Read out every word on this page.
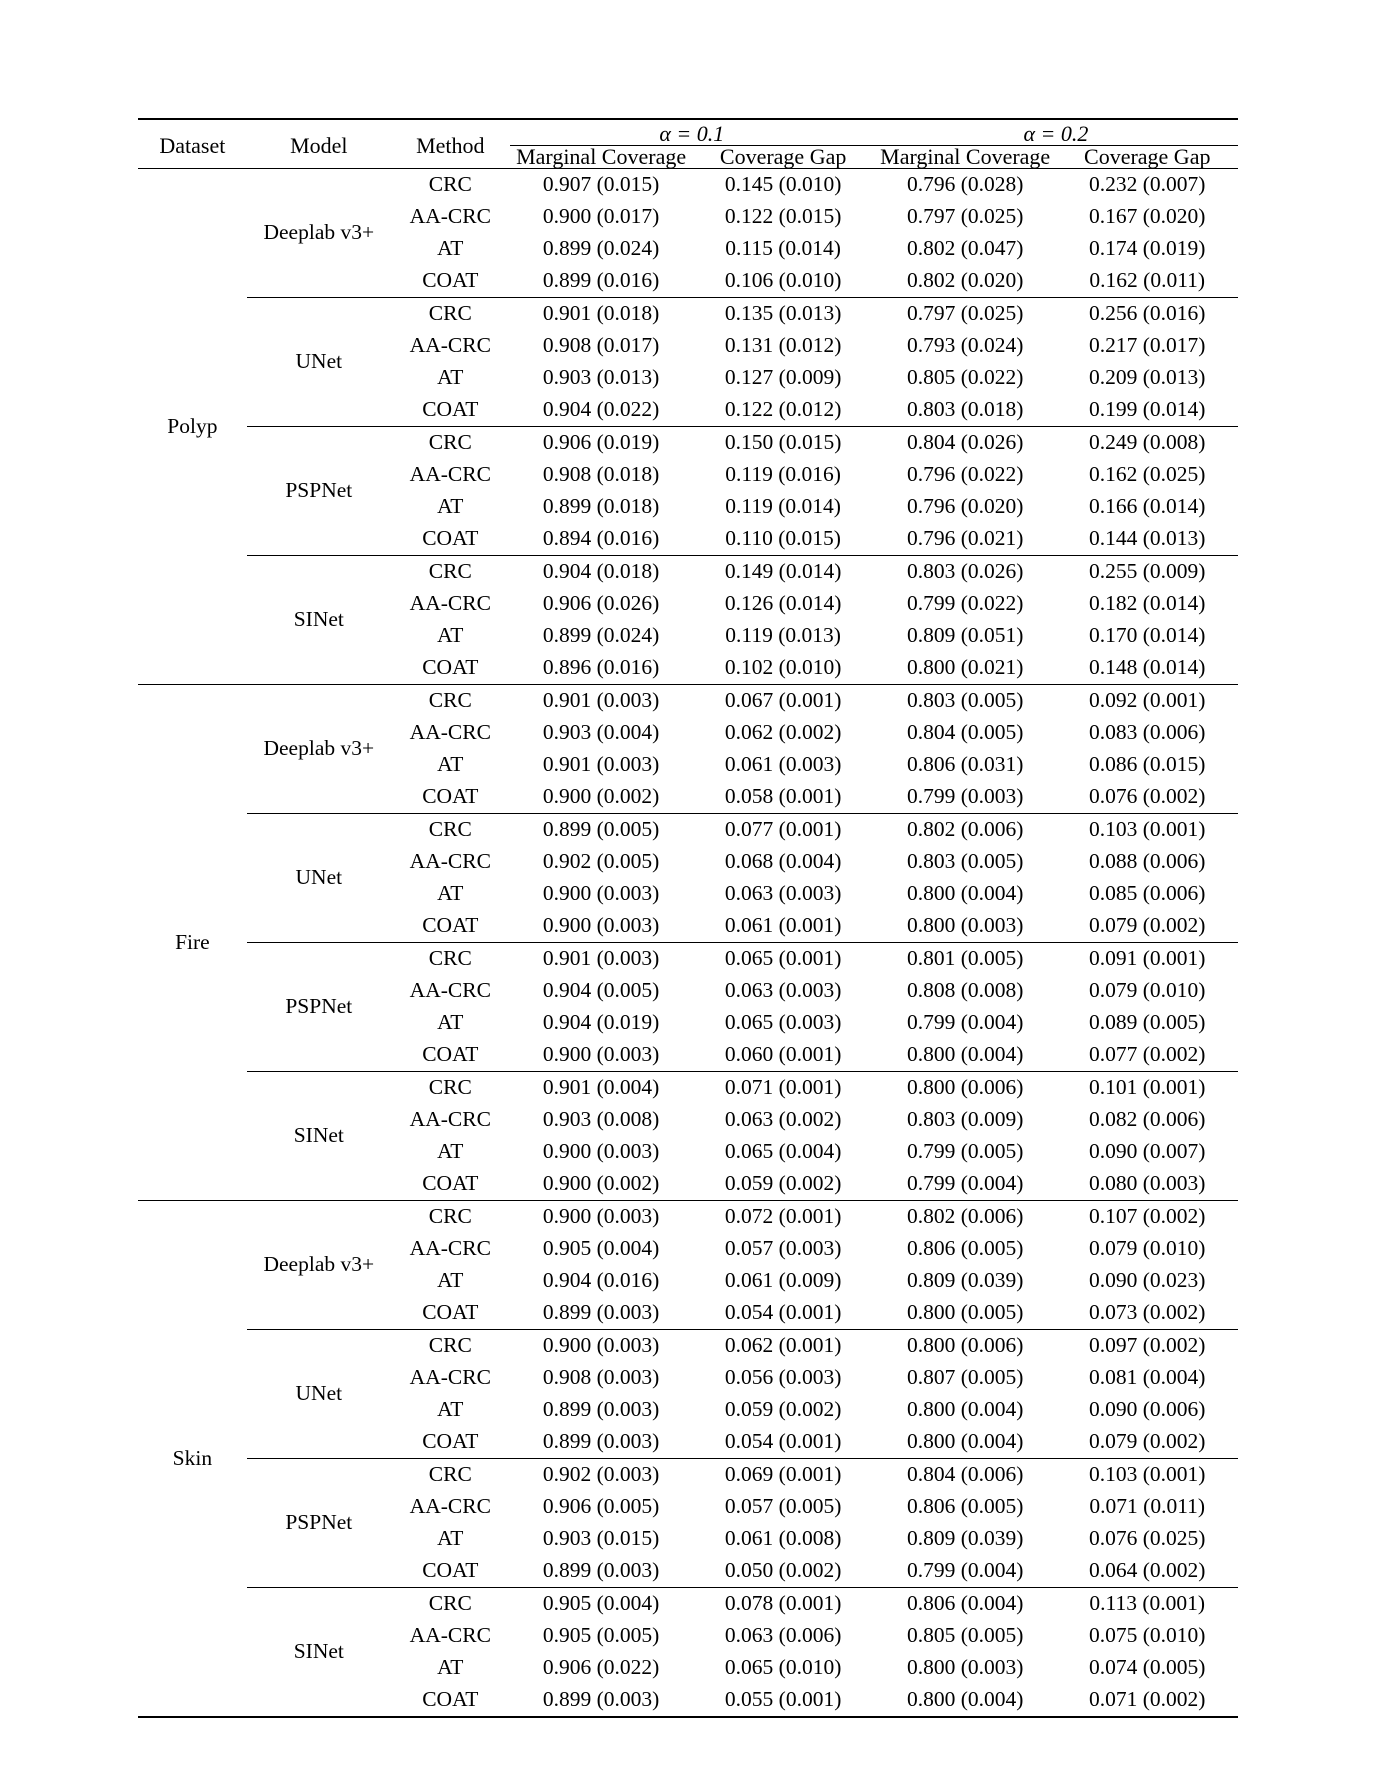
Dataset	Model	Method	α = 0.1		α = 0.2	
			Marginal Coverage	Coverage Gap	Marginal Coverage	Coverage Gap
Polyp	Deeplab v3+	CRC	0.907 (0.015)	0.145 (0.010)	0.796 (0.028)	0.232 (0.007)
		AA-CRC	0.900 (0.017)	0.122 (0.015)	0.797 (0.025)	0.167 (0.020)
		AT	0.899 (0.024)	0.115 (0.014)	0.802 (0.047)	0.174 (0.019)
		COAT	0.899 (0.016)	0.106 (0.010)	0.802 (0.020)	0.162 (0.011)
	UNet	CRC	0.901 (0.018)	0.135 (0.013)	0.797 (0.025)	0.256 (0.016)
		AA-CRC	0.908 (0.017)	0.131 (0.012)	0.793 (0.024)	0.217 (0.017)
		AT	0.903 (0.013)	0.127 (0.009)	0.805 (0.022)	0.209 (0.013)
		COAT	0.904 (0.022)	0.122 (0.012)	0.803 (0.018)	0.199 (0.014)
	PSPNet	CRC	0.906 (0.019)	0.150 (0.015)	0.804 (0.026)	0.249 (0.008)
		AA-CRC	0.908 (0.018)	0.119 (0.016)	0.796 (0.022)	0.162 (0.025)
		AT	0.899 (0.018)	0.119 (0.014)	0.796 (0.020)	0.166 (0.014)
		COAT	0.894 (0.016)	0.110 (0.015)	0.796 (0.021)	0.144 (0.013)
	SINet	CRC	0.904 (0.018)	0.149 (0.014)	0.803 (0.026)	0.255 (0.009)
		AA-CRC	0.906 (0.026)	0.126 (0.014)	0.799 (0.022)	0.182 (0.014)
		AT	0.899 (0.024)	0.119 (0.013)	0.809 (0.051)	0.170 (0.014)
		COAT	0.896 (0.016)	0.102 (0.010)	0.800 (0.021)	0.148 (0.014)
Fire	Deeplab v3+	CRC	0.901 (0.003)	0.067 (0.001)	0.803 (0.005)	0.092 (0.001)
		AA-CRC	0.903 (0.004)	0.062 (0.002)	0.804 (0.005)	0.083 (0.006)
		AT	0.901 (0.003)	0.061 (0.003)	0.806 (0.031)	0.086 (0.015)
		COAT	0.900 (0.002)	0.058 (0.001)	0.799 (0.003)	0.076 (0.002)
	UNet	CRC	0.899 (0.005)	0.077 (0.001)	0.802 (0.006)	0.103 (0.001)
		AA-CRC	0.902 (0.005)	0.068 (0.004)	0.803 (0.005)	0.088 (0.006)
		AT	0.900 (0.003)	0.063 (0.003)	0.800 (0.004)	0.085 (0.006)
		COAT	0.900 (0.003)	0.061 (0.001)	0.800 (0.003)	0.079 (0.002)
	PSPNet	CRC	0.901 (0.003)	0.065 (0.001)	0.801 (0.005)	0.091 (0.001)
		AA-CRC	0.904 (0.005)	0.063 (0.003)	0.808 (0.008)	0.079 (0.010)
		AT	0.904 (0.019)	0.065 (0.003)	0.799 (0.004)	0.089 (0.005)
		COAT	0.900 (0.003)	0.060 (0.001)	0.800 (0.004)	0.077 (0.002)
	SINet	CRC	0.901 (0.004)	0.071 (0.001)	0.800 (0.006)	0.101 (0.001)
		AA-CRC	0.903 (0.008)	0.063 (0.002)	0.803 (0.009)	0.082 (0.006)
		AT	0.900 (0.003)	0.065 (0.004)	0.799 (0.005)	0.090 (0.007)
		COAT	0.900 (0.002)	0.059 (0.002)	0.799 (0.004)	0.080 (0.003)
Skin	Deeplab v3+	CRC	0.900 (0.003)	0.072 (0.001)	0.802 (0.006)	0.107 (0.002)
		AA-CRC	0.905 (0.004)	0.057 (0.003)	0.806 (0.005)	0.079 (0.010)
		AT	0.904 (0.016)	0.061 (0.009)	0.809 (0.039)	0.090 (0.023)
		COAT	0.899 (0.003)	0.054 (0.001)	0.800 (0.005)	0.073 (0.002)
	UNet	CRC	0.900 (0.003)	0.062 (0.001)	0.800 (0.006)	0.097 (0.002)
		AA-CRC	0.908 (0.003)	0.056 (0.003)	0.807 (0.005)	0.081 (0.004)
		AT	0.899 (0.003)	0.059 (0.002)	0.800 (0.004)	0.090 (0.006)
		COAT	0.899 (0.003)	0.054 (0.001)	0.800 (0.004)	0.079 (0.002)
	PSPNet	CRC	0.902 (0.003)	0.069 (0.001)	0.804 (0.006)	0.103 (0.001)
		AA-CRC	0.906 (0.005)	0.057 (0.005)	0.806 (0.005)	0.071 (0.011)
		AT	0.903 (0.015)	0.061 (0.008)	0.809 (0.039)	0.076 (0.025)
		COAT	0.899 (0.003)	0.050 (0.002)	0.799 (0.004)	0.064 (0.002)
	SINet	CRC	0.905 (0.004)	0.078 (0.001)	0.806 (0.004)	0.113 (0.001)
		AA-CRC	0.905 (0.005)	0.063 (0.006)	0.805 (0.005)	0.075 (0.010)
		AT	0.906 (0.022)	0.065 (0.010)	0.800 (0.003)	0.074 (0.005)
		COAT	0.899 (0.003)	0.055 (0.001)	0.800 (0.004)	0.071 (0.002)
